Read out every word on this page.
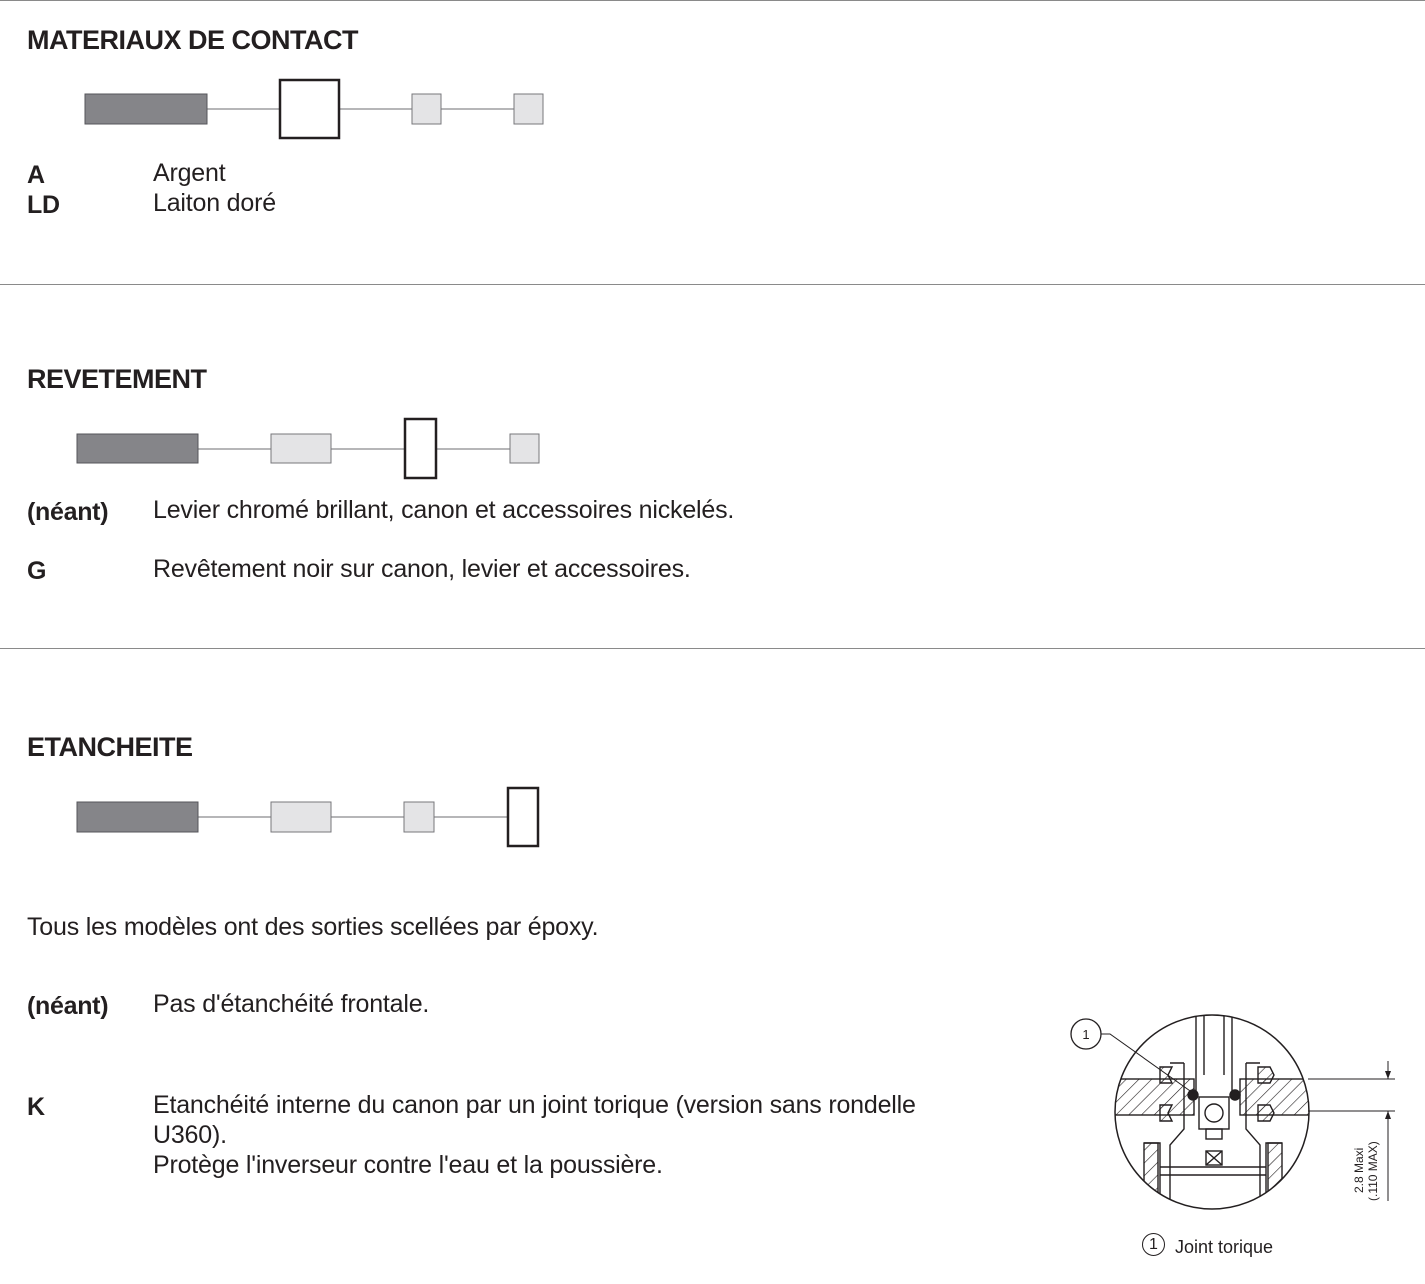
MATERIAUX DE CONTACT
A	Argent
LD	Laiton doré
REVETEMENT
(néant) Levier chromé brillant, canon et accessoires nickelés.
G	Revêtement noir sur canon, levier et accessoires.
ETANCHEITE
Tous les modèles ont des sorties scellées par époxy.
(néant) Pas d'étanchéité frontale.
K	Etanchéité interne du canon par un joint torique (version sans rondelle
U360).
Protège l'inverseur contre l'eau et la poussière.
1
2.8 Maxi (.110 MAX)
1 Joint torique
